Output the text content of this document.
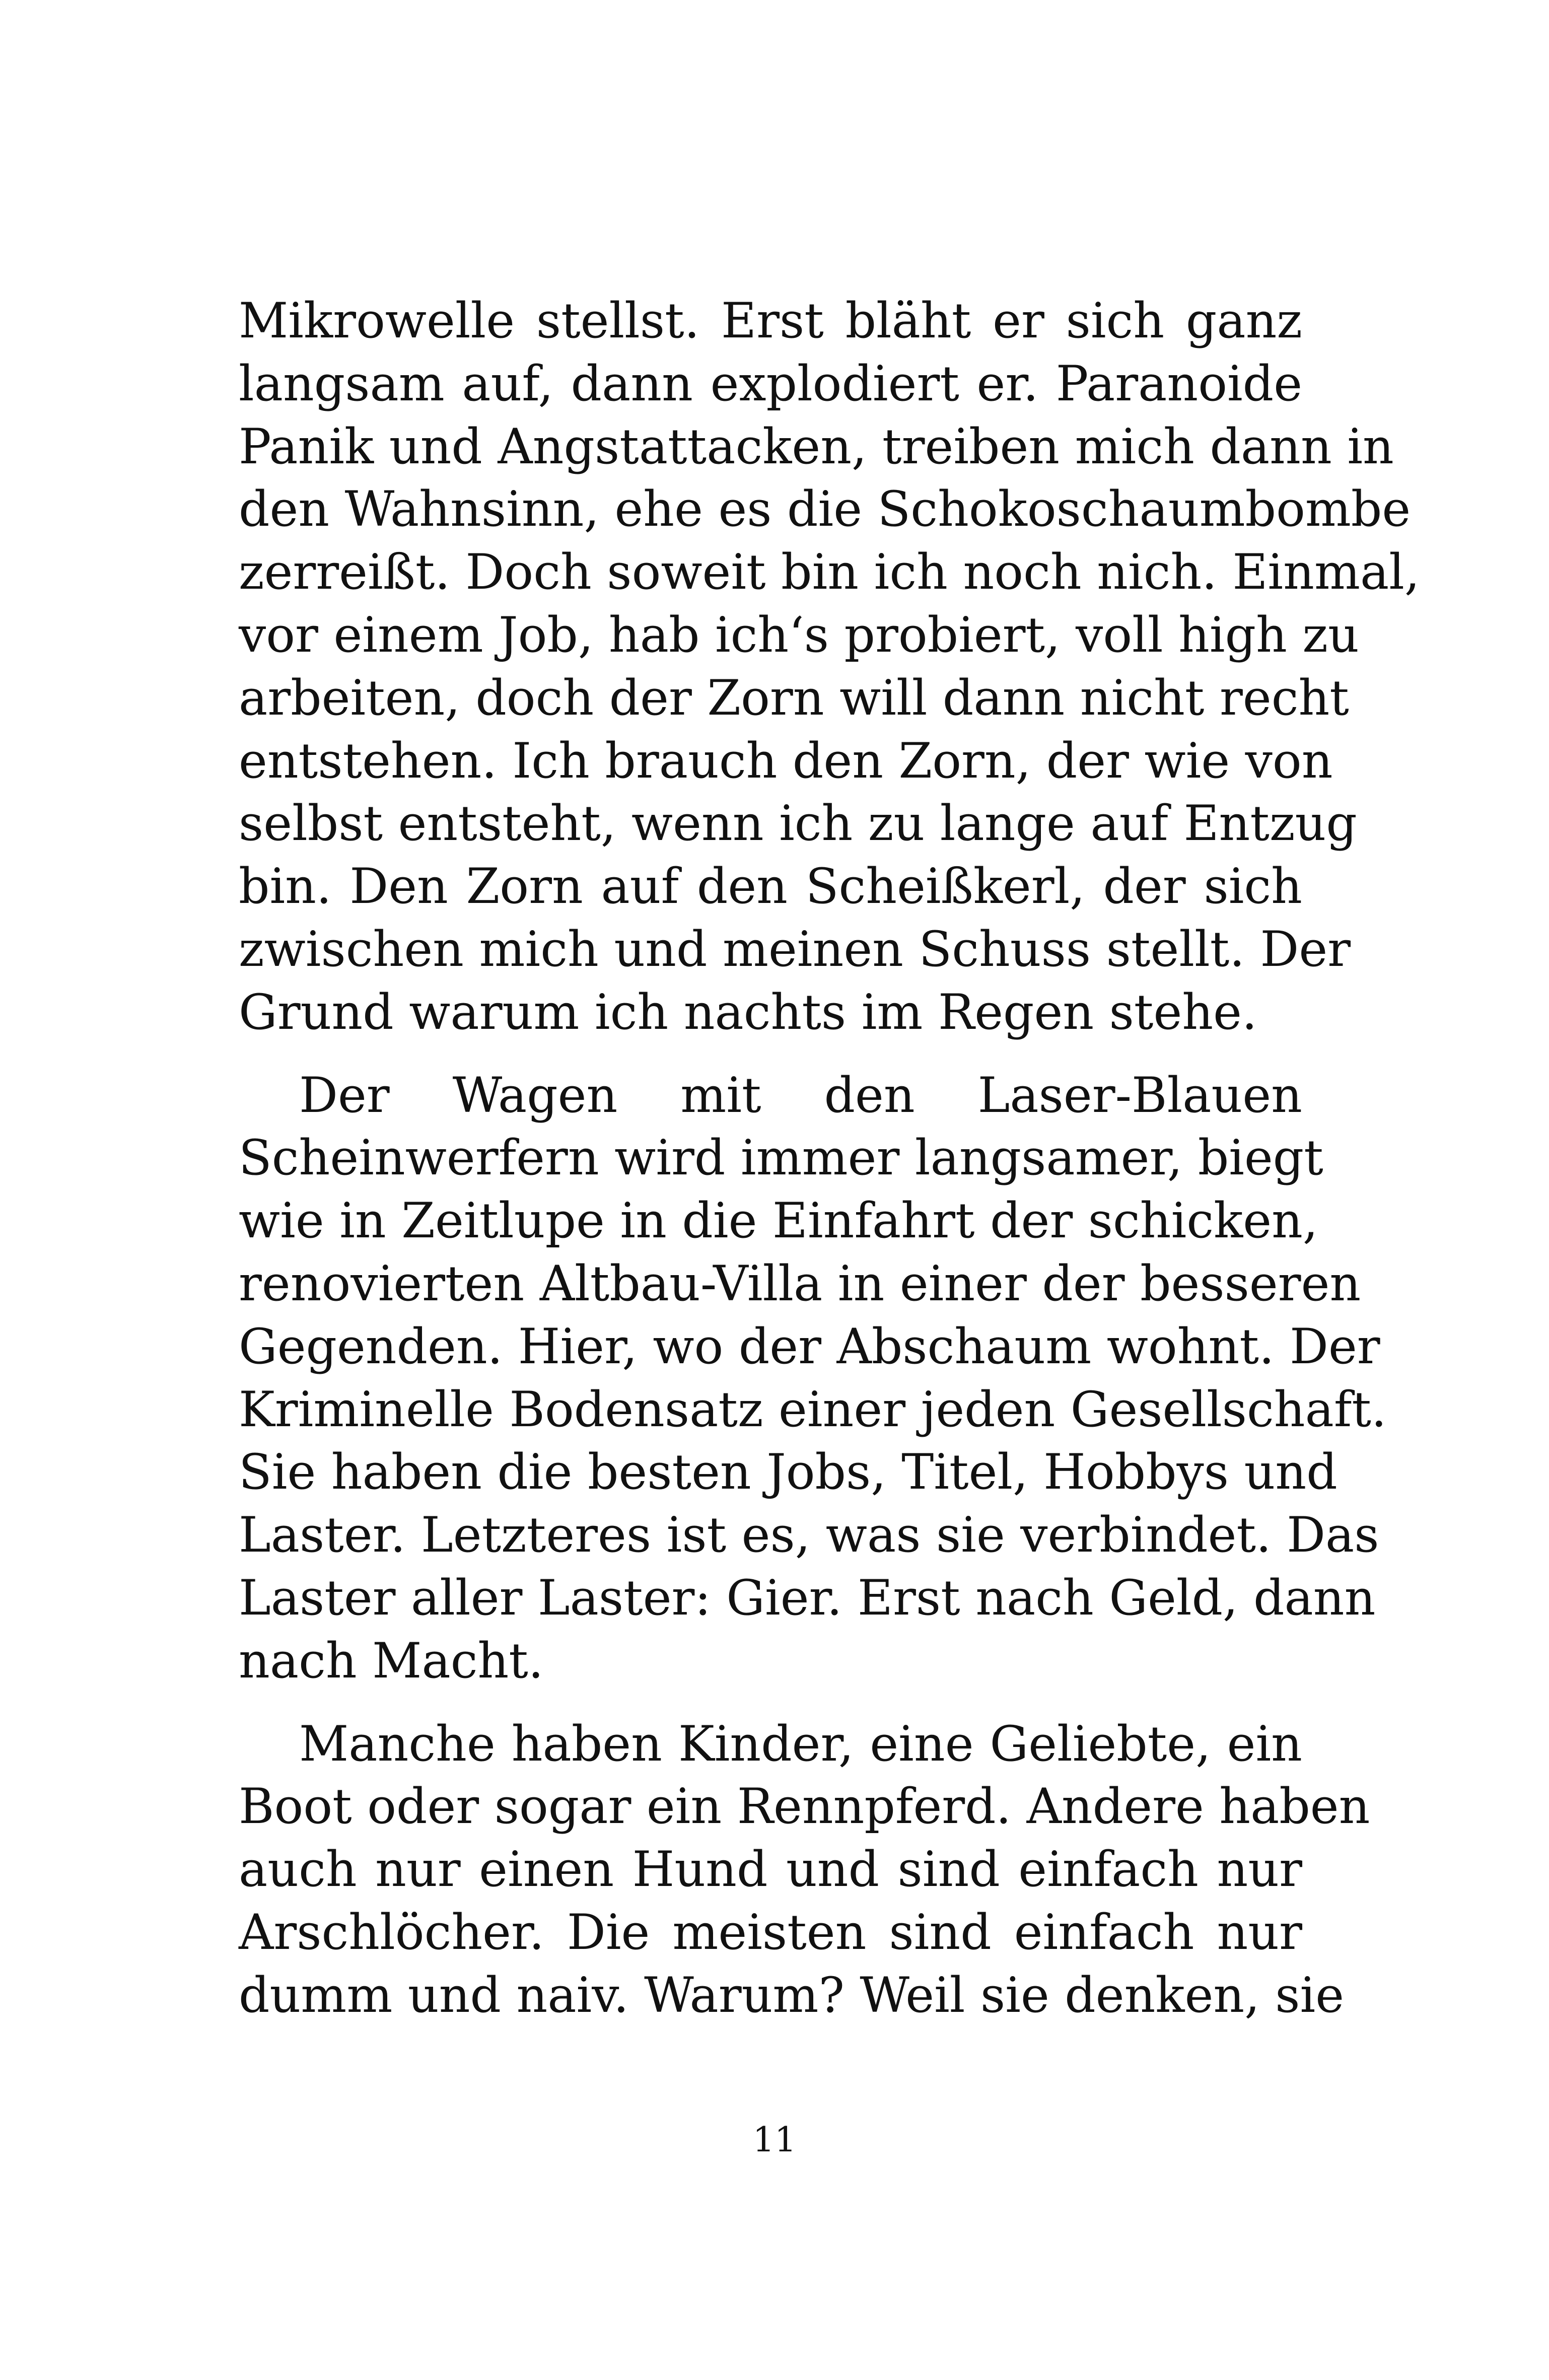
Mikrowelle stellst. Erst bläht er sich ganz
langsam auf, dann explodiert er. Paranoide
Panik und Angstattacken, treiben mich dann in
den Wahnsinn, ehe es die Schokoschaumbombe
zerreißt. Doch soweit bin ich noch nich. Einmal,
vor einem Job, hab ich‘s probiert, voll high zu
arbeiten, doch der Zorn will dann nicht recht
entstehen. Ich brauch den Zorn, der wie von
selbst entsteht, wenn ich zu lange auf Entzug
bin. Den Zorn auf den Scheißkerl, der sich
zwischen mich und meinen Schuss stellt. Der
Grund warum ich nachts im Regen stehe.
Der Wagen mit den Laser-Blauen
Scheinwerfern wird immer langsamer, biegt
wie in Zeitlupe in die Einfahrt der schicken,
renovierten Altbau-Villa in einer der besseren
Gegenden. Hier, wo der Abschaum wohnt. Der
Kriminelle Bodensatz einer jeden Gesellschaft.
Sie haben die besten Jobs, Titel, Hobbys und
Laster. Letzteres ist es, was sie verbindet. Das
Laster aller Laster: Gier. Erst nach Geld, dann
nach Macht.
Manche haben Kinder, eine Geliebte, ein
Boot oder sogar ein Rennpferd. Andere haben
auch nur einen Hund und sind einfach nur
Arschlöcher. Die meisten sind einfach nur
dumm und naiv. Warum? Weil sie denken, sie
11
